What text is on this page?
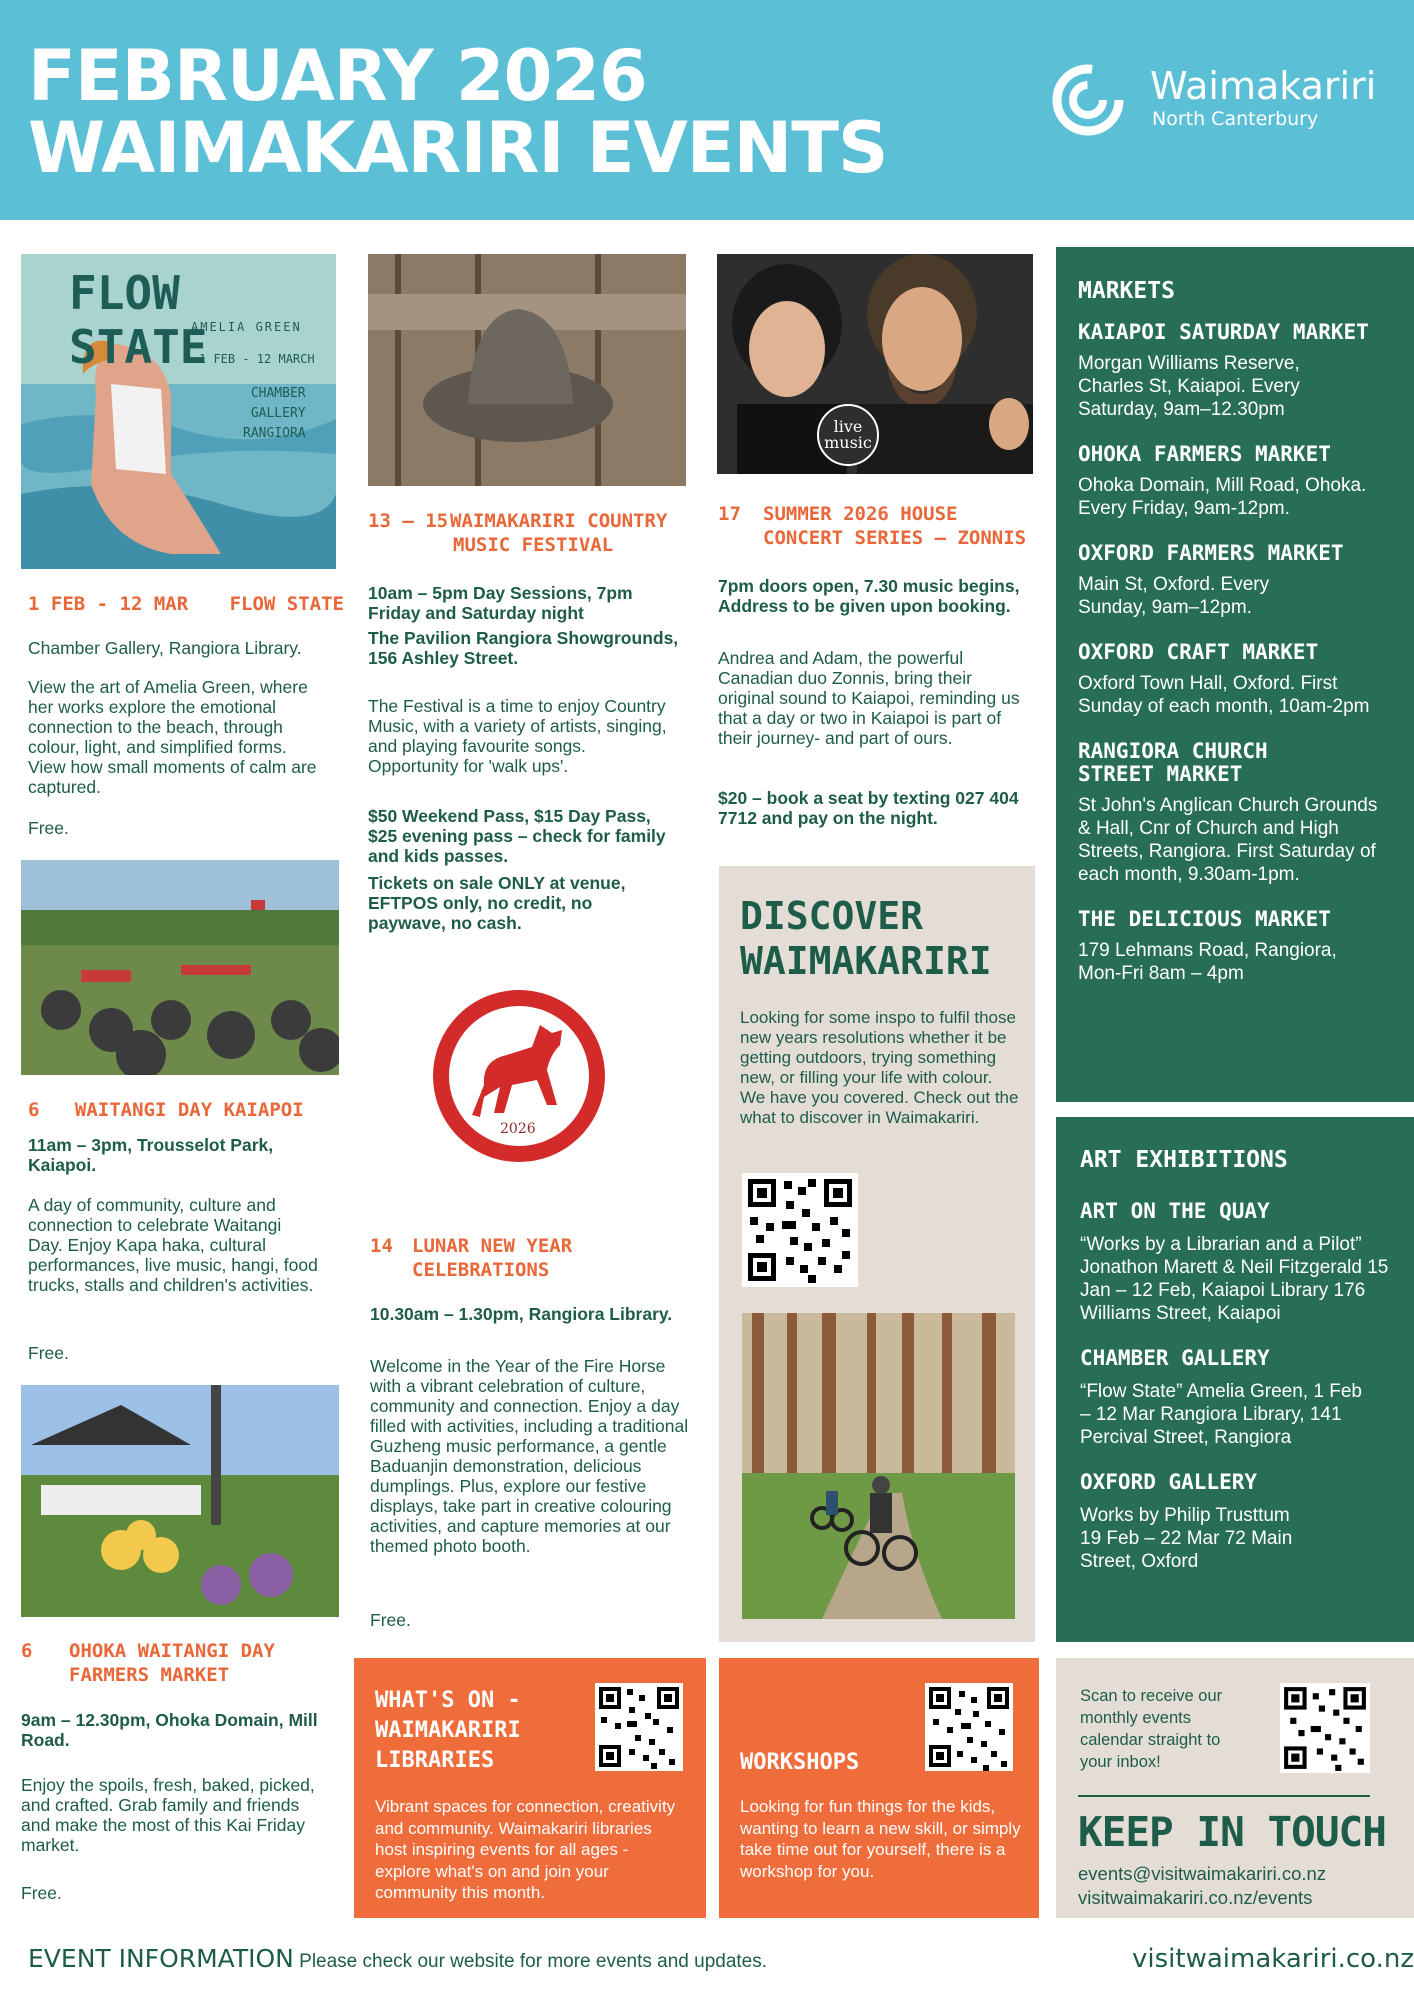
FEBRUARY 2026
WAIMAKARIRI EVENTS
Waimakariri
North Canterbury
FLOW STATE
AMELIA GREEN
1 FEB - 12 MARCH
CHAMBER
GALLERY
RANGIORA
1 FEB - 12 MAR FLOW STATE
Chamber Gallery, Rangiora Library.
View the art of Amelia Green, where her works explore the emotional connection to the beach, through colour, light, and simplified forms. View how small moments of calm are captured.
Free.
6 WAITANGI DAY KAIAPOI
11am – 3pm, Trousselot Park, Kaiapoi.
A day of community, culture and connection to celebrate Waitangi Day. Enjoy Kapa haka, cultural performances, live music, hangi, food trucks, stalls and children's activities.
Free.
6 OHOKA WAITANGI DAY
FARMERS MARKET
9am – 12.30pm, Ohoka Domain, Mill Road.
Enjoy the spoils, fresh, baked, picked, and crafted. Grab family and friends and make the most of this Kai Friday market.
Free.
13 – 15 WAIMAKARIRI COUNTRY
MUSIC FESTIVAL
10am – 5pm Day Sessions, 7pm Friday and Saturday night
The Pavilion Rangiora Showgrounds, 156 Ashley Street.
The Festival is a time to enjoy Country Music, with a variety of artists, singing, and playing favourite songs. Opportunity for 'walk ups'.
$50 Weekend Pass, $15 Day Pass, $25 evening pass – check for family and kids passes.
Tickets on sale ONLY at venue, EFTPOS only, no credit, no paywave, no cash.
2026
14 LUNAR NEW YEAR
CELEBRATIONS
10.30am – 1.30pm, Rangiora Library.
Welcome in the Year of the Fire Horse with a vibrant celebration of culture, community and connection. Enjoy a day filled with activities, including a traditional Guzheng music performance, a gentle Baduanjin demonstration, delicious dumplings. Plus, explore our festive displays, take part in creative colouring activities, and capture memories at our themed photo booth.
Free.
live
music
17 SUMMER 2026 HOUSE
CONCERT SERIES – ZONNIS
7pm doors open, 7.30 music begins, Address to be given upon booking.
Andrea and Adam, the powerful Canadian duo Zonnis, bring their original sound to Kaiapoi, reminding us that a day or two in Kaiapoi is part of their journey- and part of ours.
$20 – book a seat by texting 027 404 7712 and pay on the night.
DISCOVER
WAIMAKARIRI
Looking for some inspo to fulfil those new years resolutions whether it be getting outdoors, trying something new, or filling your life with colour. We have you covered. Check out the what to discover in Waimakariri.
MARKETS
KAIAPOI SATURDAY MARKET
Morgan Williams Reserve, Charles St, Kaiapoi. Every Saturday, 9am–12.30pm
OHOKA FARMERS MARKET
Ohoka Domain, Mill Road, Ohoka. Every Friday, 9am-12pm.
OXFORD FARMERS MARKET
Main St, Oxford. Every Sunday, 9am–12pm.
OXFORD CRAFT MARKET
Oxford Town Hall, Oxford. First Sunday of each month, 10am-2pm
RANGIORA CHURCH STREET MARKET
St John's Anglican Church Grounds & Hall, Cnr of Church and High Streets, Rangiora. First Saturday of each month, 9.30am-1pm.
THE DELICIOUS MARKET
179 Lehmans Road, Rangiora, Mon-Fri 8am – 4pm
ART EXHIBITIONS
ART ON THE QUAY
“Works by a Librarian and a Pilot” Jonathon Marett & Neil Fitzgerald 15 Jan – 12 Feb, Kaiapoi Library 176 Williams Street, Kaiapoi
CHAMBER GALLERY
“Flow State” Amelia Green, 1 Feb – 12 Mar Rangiora Library, 141 Percival Street, Rangiora
OXFORD GALLERY
Works by Philip Trusttum 19 Feb – 22 Mar 72 Main Street, Oxford
WHAT'S ON -
WAIMAKARIRI
LIBRARIES
Vibrant spaces for connection, creativity and community. Waimakariri libraries host inspiring events for all ages - explore what's on and join your community this month.
WORKSHOPS
Looking for fun things for the kids, wanting to learn a new skill, or simply take time out for yourself, there is a workshop for you.
Scan to receive our monthly events calendar straight to your inbox!
KEEP IN TOUCH
events@visitwaimakariri.co.nz
visitwaimakariri.co.nz/events
EVENT INFORMATION Please check our website for more events and updates.	visitwaimakariri.co.nz
